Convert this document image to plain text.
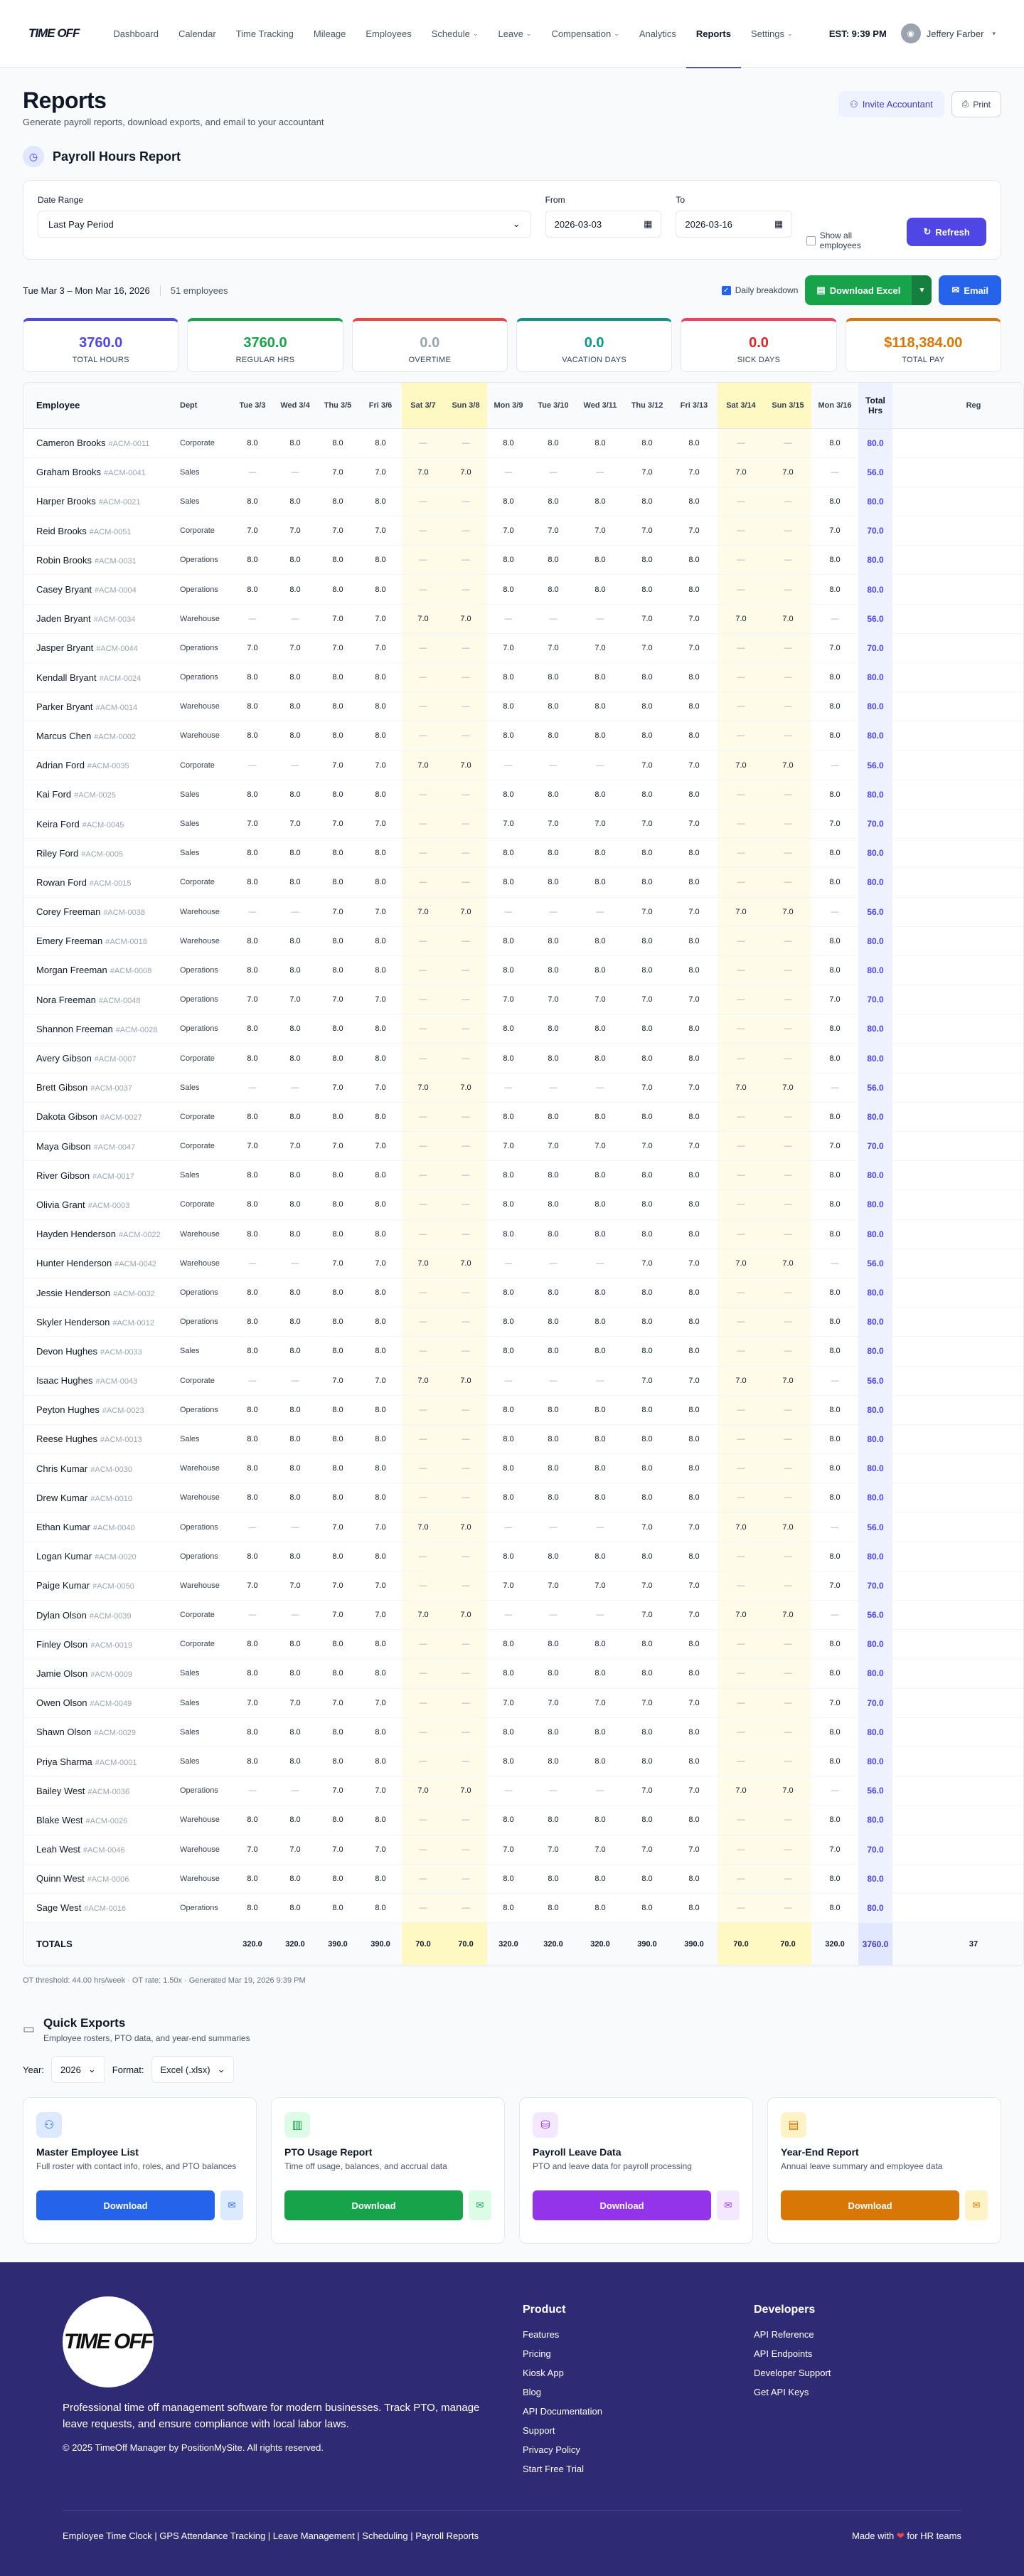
TIME OFF	Dashboard	Calendar	Time Tracking	Mileage	Employees	Schedule ⌄	Leave ⌄	Compensation ⌄	Analytics	Reports	Settings ⌄	EST: 9:39 PM	◉	Jeffery Farber ▾
Reports
Generate payroll reports, download exports, and email to your accountant
⚇ Invite Accountant	⎙ Print
◷	Payroll Hours Report
Date Range
Last Pay Period	⌄
From
2026-03-03	▦
To
2026-03-16	▦
Show all employees
↻ Refresh
Tue Mar 3 – Mon Mar 16, 2026 51 employees	✓ Daily breakdown ▤ Download Excel	▼	✉ Email
3760.0
TOTAL HOURS
3760.0
REGULAR HRS
0.0
OVERTIME
0.0
VACATION DAYS
0.0
SICK DAYS
$118,384.00
TOTAL PAY
Employee	Dept	Tue 3/3	Wed 3/4	Thu 3/5	Fri 3/6	Sat 3/7	Sun 3/8	Mon 3/9	Tue 3/10	Wed 3/11	Thu 3/12	Fri 3/13	Sat 3/14	Sun 3/15	Mon 3/16	Total Hrs	Reg
Cameron Brooks #ACM-0011	Corporate	8.0	8.0	8.0	8.0	—	—	8.0	8.0	8.0	8.0	8.0	—	—	8.0	80.0	
Graham Brooks #ACM-0041	Sales	—	—	7.0	7.0	7.0	7.0	—	—	—	7.0	7.0	7.0	7.0	—	56.0	
Harper Brooks #ACM-0021	Sales	8.0	8.0	8.0	8.0	—	—	8.0	8.0	8.0	8.0	8.0	—	—	8.0	80.0	
Reid Brooks #ACM-0051	Corporate	7.0	7.0	7.0	7.0	—	—	7.0	7.0	7.0	7.0	7.0	—	—	7.0	70.0	
Robin Brooks #ACM-0031	Operations	8.0	8.0	8.0	8.0	—	—	8.0	8.0	8.0	8.0	8.0	—	—	8.0	80.0	
Casey Bryant #ACM-0004	Operations	8.0	8.0	8.0	8.0	—	—	8.0	8.0	8.0	8.0	8.0	—	—	8.0	80.0	
Jaden Bryant #ACM-0034	Warehouse	—	—	7.0	7.0	7.0	7.0	—	—	—	7.0	7.0	7.0	7.0	—	56.0	
Jasper Bryant #ACM-0044	Operations	7.0	7.0	7.0	7.0	—	—	7.0	7.0	7.0	7.0	7.0	—	—	7.0	70.0	
Kendall Bryant #ACM-0024	Operations	8.0	8.0	8.0	8.0	—	—	8.0	8.0	8.0	8.0	8.0	—	—	8.0	80.0	
Parker Bryant #ACM-0014	Warehouse	8.0	8.0	8.0	8.0	—	—	8.0	8.0	8.0	8.0	8.0	—	—	8.0	80.0	
Marcus Chen #ACM-0002	Warehouse	8.0	8.0	8.0	8.0	—	—	8.0	8.0	8.0	8.0	8.0	—	—	8.0	80.0	
Adrian Ford #ACM-0035	Corporate	—	—	7.0	7.0	7.0	7.0	—	—	—	7.0	7.0	7.0	7.0	—	56.0	
Kai Ford #ACM-0025	Sales	8.0	8.0	8.0	8.0	—	—	8.0	8.0	8.0	8.0	8.0	—	—	8.0	80.0	
Keira Ford #ACM-0045	Sales	7.0	7.0	7.0	7.0	—	—	7.0	7.0	7.0	7.0	7.0	—	—	7.0	70.0	
Riley Ford #ACM-0005	Sales	8.0	8.0	8.0	8.0	—	—	8.0	8.0	8.0	8.0	8.0	—	—	8.0	80.0	
Rowan Ford #ACM-0015	Corporate	8.0	8.0	8.0	8.0	—	—	8.0	8.0	8.0	8.0	8.0	—	—	8.0	80.0	
Corey Freeman #ACM-0038	Warehouse	—	—	7.0	7.0	7.0	7.0	—	—	—	7.0	7.0	7.0	7.0	—	56.0	
Emery Freeman #ACM-0018	Warehouse	8.0	8.0	8.0	8.0	—	—	8.0	8.0	8.0	8.0	8.0	—	—	8.0	80.0	
Morgan Freeman #ACM-0008	Operations	8.0	8.0	8.0	8.0	—	—	8.0	8.0	8.0	8.0	8.0	—	—	8.0	80.0	
Nora Freeman #ACM-0048	Operations	7.0	7.0	7.0	7.0	—	—	7.0	7.0	7.0	7.0	7.0	—	—	7.0	70.0	
Shannon Freeman #ACM-0028	Operations	8.0	8.0	8.0	8.0	—	—	8.0	8.0	8.0	8.0	8.0	—	—	8.0	80.0	
Avery Gibson #ACM-0007	Corporate	8.0	8.0	8.0	8.0	—	—	8.0	8.0	8.0	8.0	8.0	—	—	8.0	80.0	
Brett Gibson #ACM-0037	Sales	—	—	7.0	7.0	7.0	7.0	—	—	—	7.0	7.0	7.0	7.0	—	56.0	
Dakota Gibson #ACM-0027	Corporate	8.0	8.0	8.0	8.0	—	—	8.0	8.0	8.0	8.0	8.0	—	—	8.0	80.0	
Maya Gibson #ACM-0047	Corporate	7.0	7.0	7.0	7.0	—	—	7.0	7.0	7.0	7.0	7.0	—	—	7.0	70.0	
River Gibson #ACM-0017	Sales	8.0	8.0	8.0	8.0	—	—	8.0	8.0	8.0	8.0	8.0	—	—	8.0	80.0	
Olivia Grant #ACM-0003	Corporate	8.0	8.0	8.0	8.0	—	—	8.0	8.0	8.0	8.0	8.0	—	—	8.0	80.0	
Hayden Henderson #ACM-0022	Warehouse	8.0	8.0	8.0	8.0	—	—	8.0	8.0	8.0	8.0	8.0	—	—	8.0	80.0	
Hunter Henderson #ACM-0042	Warehouse	—	—	7.0	7.0	7.0	7.0	—	—	—	7.0	7.0	7.0	7.0	—	56.0	
Jessie Henderson #ACM-0032	Operations	8.0	8.0	8.0	8.0	—	—	8.0	8.0	8.0	8.0	8.0	—	—	8.0	80.0	
Skyler Henderson #ACM-0012	Operations	8.0	8.0	8.0	8.0	—	—	8.0	8.0	8.0	8.0	8.0	—	—	8.0	80.0	
Devon Hughes #ACM-0033	Sales	8.0	8.0	8.0	8.0	—	—	8.0	8.0	8.0	8.0	8.0	—	—	8.0	80.0	
Isaac Hughes #ACM-0043	Corporate	—	—	7.0	7.0	7.0	7.0	—	—	—	7.0	7.0	7.0	7.0	—	56.0	
Peyton Hughes #ACM-0023	Operations	8.0	8.0	8.0	8.0	—	—	8.0	8.0	8.0	8.0	8.0	—	—	8.0	80.0	
Reese Hughes #ACM-0013	Sales	8.0	8.0	8.0	8.0	—	—	8.0	8.0	8.0	8.0	8.0	—	—	8.0	80.0	
Chris Kumar #ACM-0030	Warehouse	8.0	8.0	8.0	8.0	—	—	8.0	8.0	8.0	8.0	8.0	—	—	8.0	80.0	
Drew Kumar #ACM-0010	Warehouse	8.0	8.0	8.0	8.0	—	—	8.0	8.0	8.0	8.0	8.0	—	—	8.0	80.0	
Ethan Kumar #ACM-0040	Operations	—	—	7.0	7.0	7.0	7.0	—	—	—	7.0	7.0	7.0	7.0	—	56.0	
Logan Kumar #ACM-0020	Operations	8.0	8.0	8.0	8.0	—	—	8.0	8.0	8.0	8.0	8.0	—	—	8.0	80.0	
Paige Kumar #ACM-0050	Warehouse	7.0	7.0	7.0	7.0	—	—	7.0	7.0	7.0	7.0	7.0	—	—	7.0	70.0	
Dylan Olson #ACM-0039	Corporate	—	—	7.0	7.0	7.0	7.0	—	—	—	7.0	7.0	7.0	7.0	—	56.0	
Finley Olson #ACM-0019	Corporate	8.0	8.0	8.0	8.0	—	—	8.0	8.0	8.0	8.0	8.0	—	—	8.0	80.0	
Jamie Olson #ACM-0009	Sales	8.0	8.0	8.0	8.0	—	—	8.0	8.0	8.0	8.0	8.0	—	—	8.0	80.0	
Owen Olson #ACM-0049	Sales	7.0	7.0	7.0	7.0	—	—	7.0	7.0	7.0	7.0	7.0	—	—	7.0	70.0	
Shawn Olson #ACM-0029	Sales	8.0	8.0	8.0	8.0	—	—	8.0	8.0	8.0	8.0	8.0	—	—	8.0	80.0	
Priya Sharma #ACM-0001	Sales	8.0	8.0	8.0	8.0	—	—	8.0	8.0	8.0	8.0	8.0	—	—	8.0	80.0	
Bailey West #ACM-0036	Operations	—	—	7.0	7.0	7.0	7.0	—	—	—	7.0	7.0	7.0	7.0	—	56.0	
Blake West #ACM-0026	Warehouse	8.0	8.0	8.0	8.0	—	—	8.0	8.0	8.0	8.0	8.0	—	—	8.0	80.0	
Leah West #ACM-0046	Warehouse	7.0	7.0	7.0	7.0	—	—	7.0	7.0	7.0	7.0	7.0	—	—	7.0	70.0	
Quinn West #ACM-0006	Warehouse	8.0	8.0	8.0	8.0	—	—	8.0	8.0	8.0	8.0	8.0	—	—	8.0	80.0	
Sage West #ACM-0016	Operations	8.0	8.0	8.0	8.0	—	—	8.0	8.0	8.0	8.0	8.0	—	—	8.0	80.0	
TOTALS		320.0	320.0	390.0	390.0	70.0	70.0	320.0	320.0	320.0	390.0	390.0	70.0	70.0	320.0	3760.0	37
OT threshold: 44.00 hrs/week · OT rate: 1.50x · Generated Mar 19, 2026 9:39 PM
▭ Quick Exports
Employee rosters, PTO data, and year-end summaries
Year: 2026 ⌄ Format: Excel (.xlsx) ⌄
⚇
Master Employee List
Full roster with contact info, roles, and PTO balances
Download	✉
▥
PTO Usage Report
Time off usage, balances, and accrual data
Download	✉
⛁
Payroll Leave Data
PTO and leave data for payroll processing
Download	✉
▤
Year-End Report
Annual leave summary and employee data
Download	✉
TIME OFF
Professional time off management software for modern businesses. Track PTO, manage leave requests, and ensure compliance with local labor laws.
© 2025 TimeOff Manager by PositionMySite. All rights reserved.
Product
Features
Pricing
Kiosk App
Blog
API Documentation
Support
Privacy Policy
Start Free Trial
Developers
API Reference
API Endpoints
Developer Support
Get API Keys
Employee Time Clock | GPS Attendance Tracking | Leave Management | Scheduling | Payroll Reports	Made with ❤ for HR teams
